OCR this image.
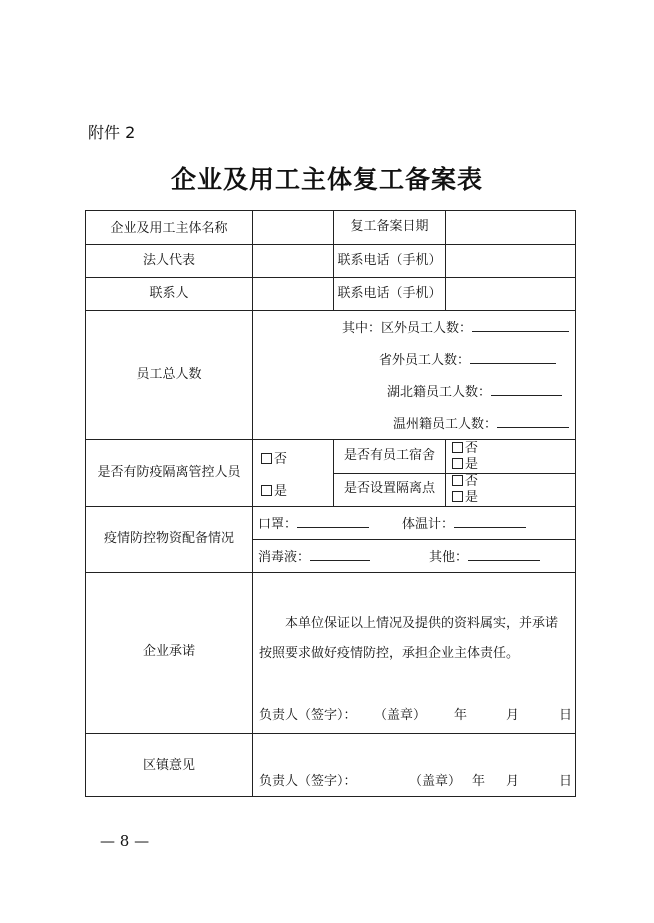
附件 2
企业及用工主体复工备案表
企业及用工主体名称	复工备案日期
法人代表	联系电话（手机）
联系人	联系电话（手机）
员工总人数
其中：区外员工人数：
省外员工人数：
湖北籍员工人数：
温州籍员工人数：
是否有防疫隔离管控人员
否
是
是否有员工宿舍	否
是
是否设置隔离点	否
是
疫情防控物资配备情况
口罩：	体温计：
消毒液：	其他：
企业承诺
本单位保证以上情况及提供的资料属实，并承诺按照要求做好疫情防控，承担企业主体责任。
负责人（签字）： （盖章） 年	月	日
区镇意见
负责人（签字）：	（盖章） 年 月	日
— 8 —
